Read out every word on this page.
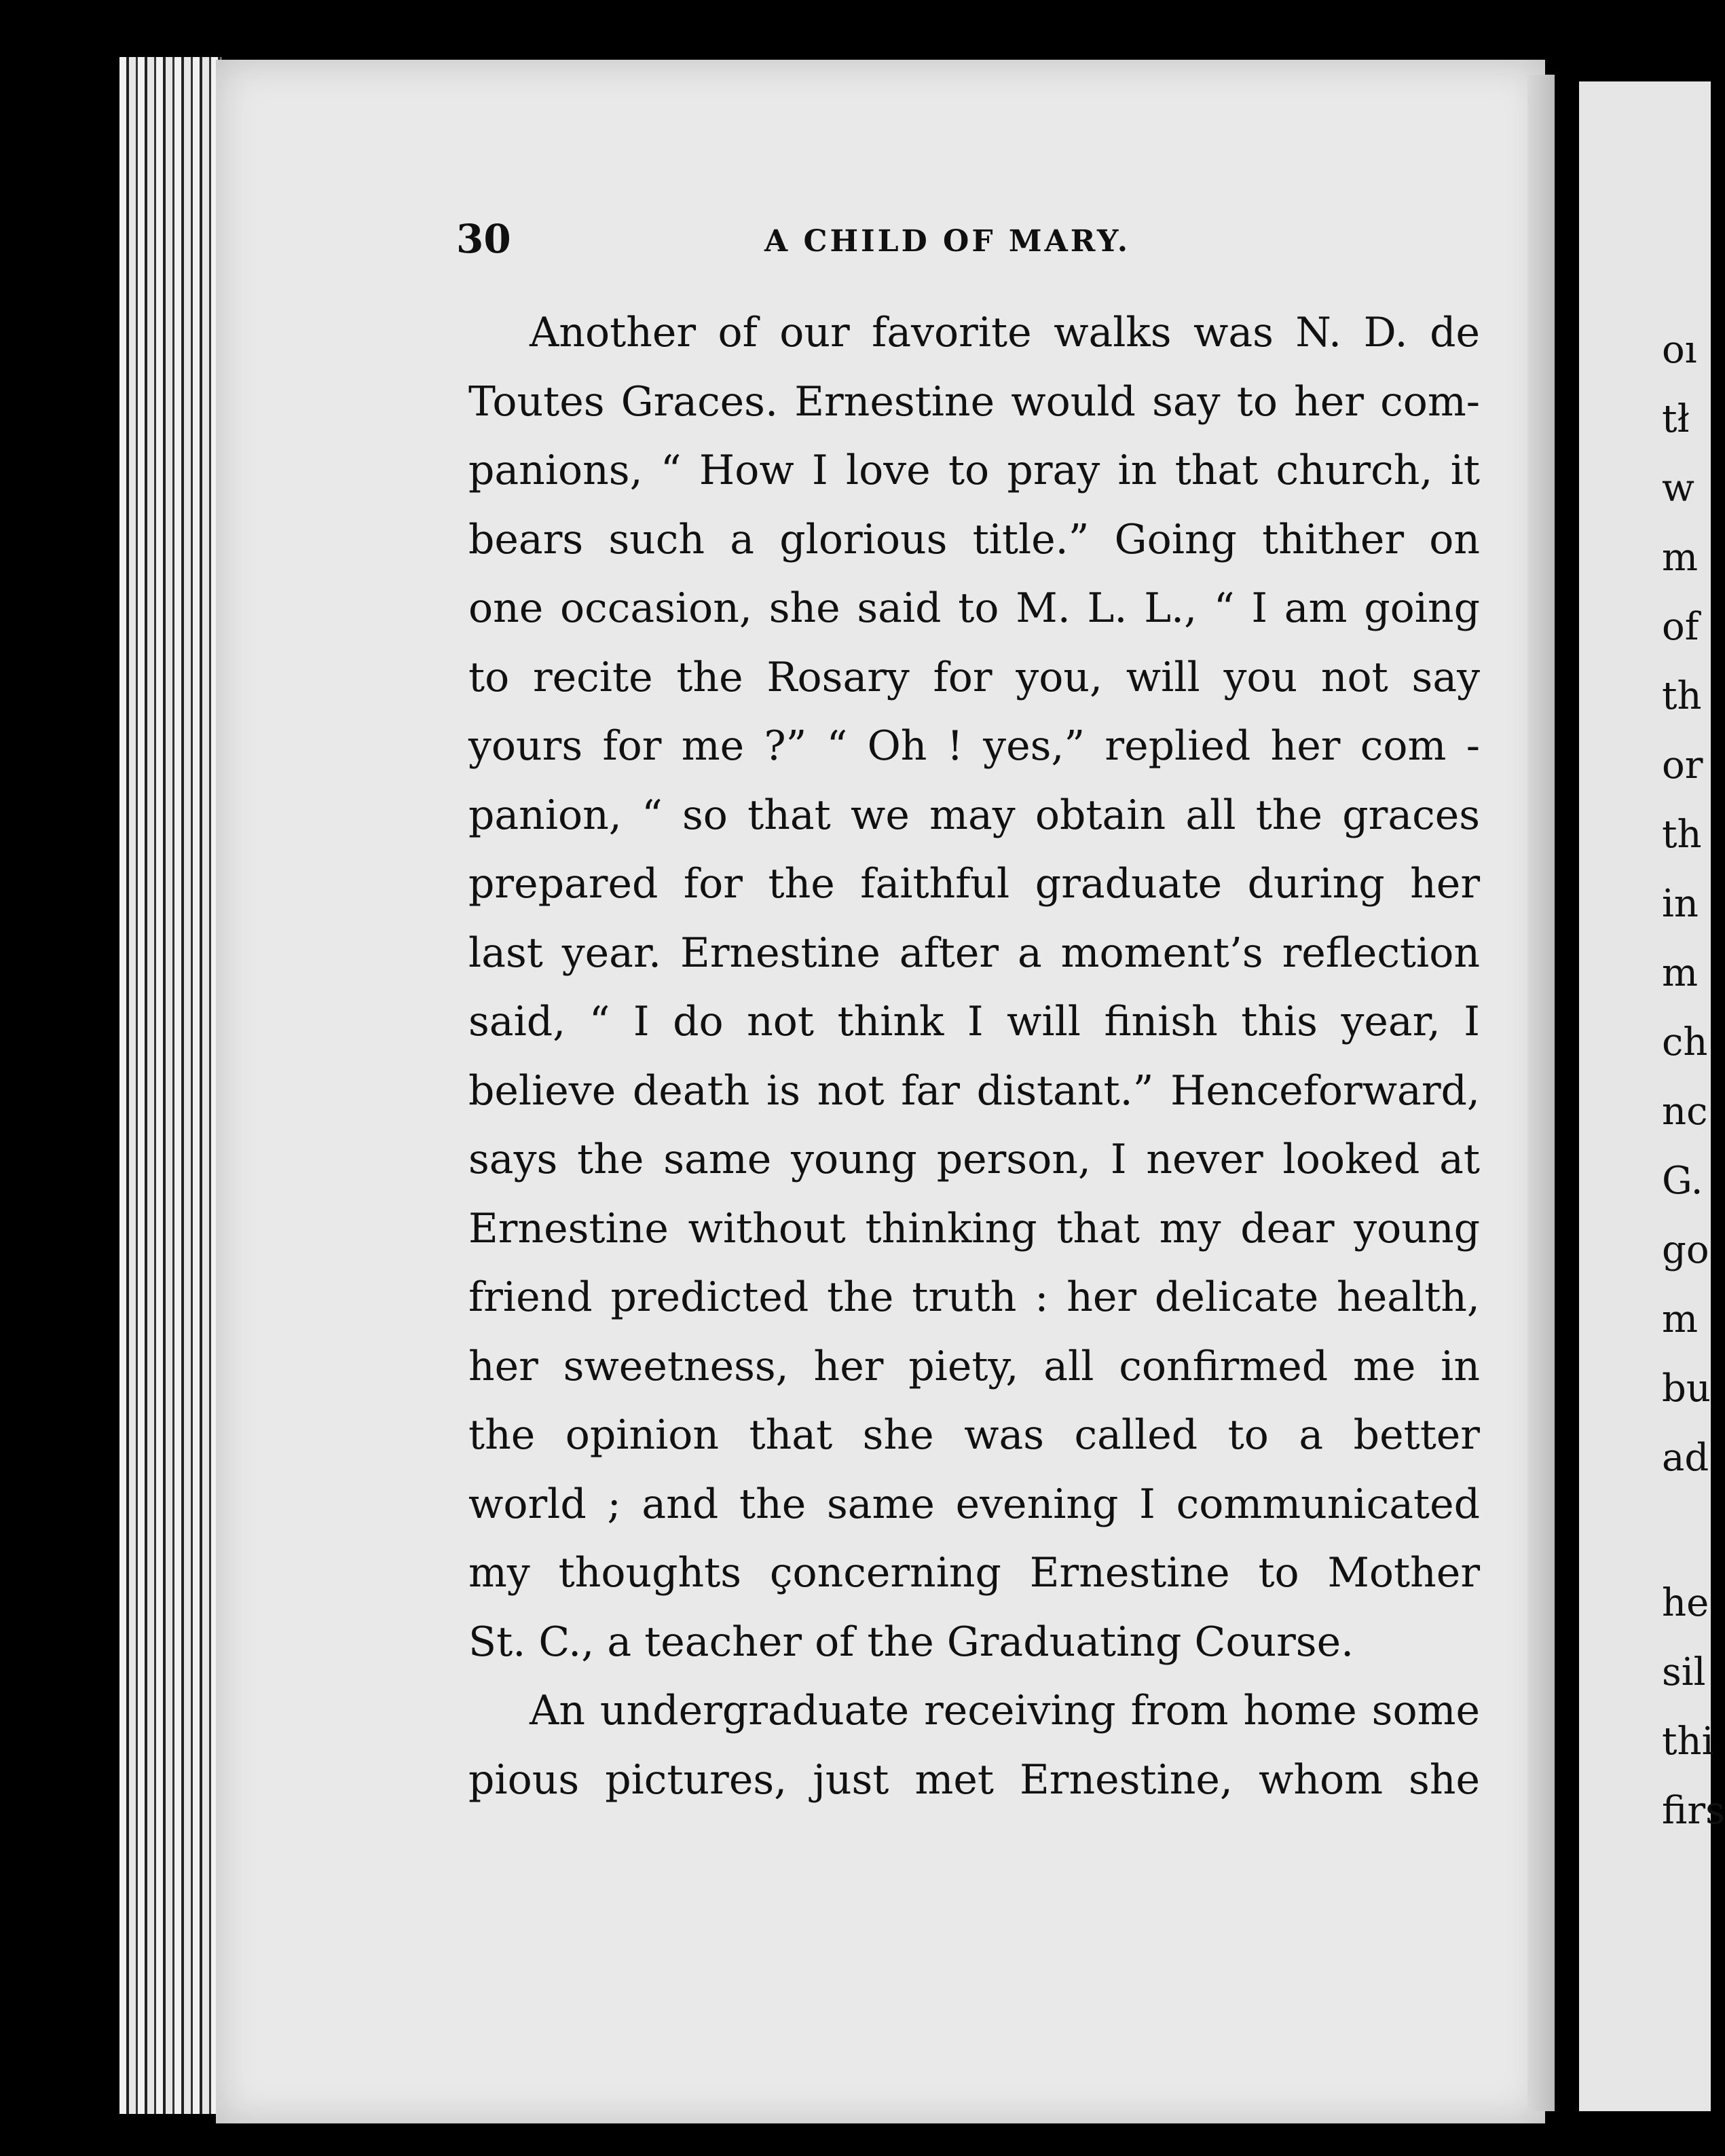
oı
tł
w
m
of
th
or
th
in
m
ch
nc
G.
go
m
bu
ad
he
sil
thi
firs
30	A CHILD OF MARY.
Another of our favorite walks was N. D. de
Toutes Graces. Ernestine would say to her com-
panions, “ How I love to pray in that church, it
bears such a glorious title.” Going thither on
one occasion, she said to M. L. L., “ I am going
to recite the Rosary for you, will you not say
yours for me ?” “ Oh ! yes,” replied her com -
panion, “ so that we may obtain all the graces
prepared for the faithful graduate during her
last year. Ernestine after a moment’s reflection
said, “ I do not think I will finish this year, I
believe death is not far distant.” Henceforward,
says the same young person, I never looked at
Ernestine without thinking that my dear young
friend predicted the truth : her delicate health,
her sweetness, her piety, all confirmed me in
the opinion that she was called to a better
world ; and the same evening I communicated
my thoughts çoncerning Ernestine to Mother
St. C., a teacher of the Graduating Course.
An undergraduate receiving from home some
pious pictures, just met Ernestine, whom she
